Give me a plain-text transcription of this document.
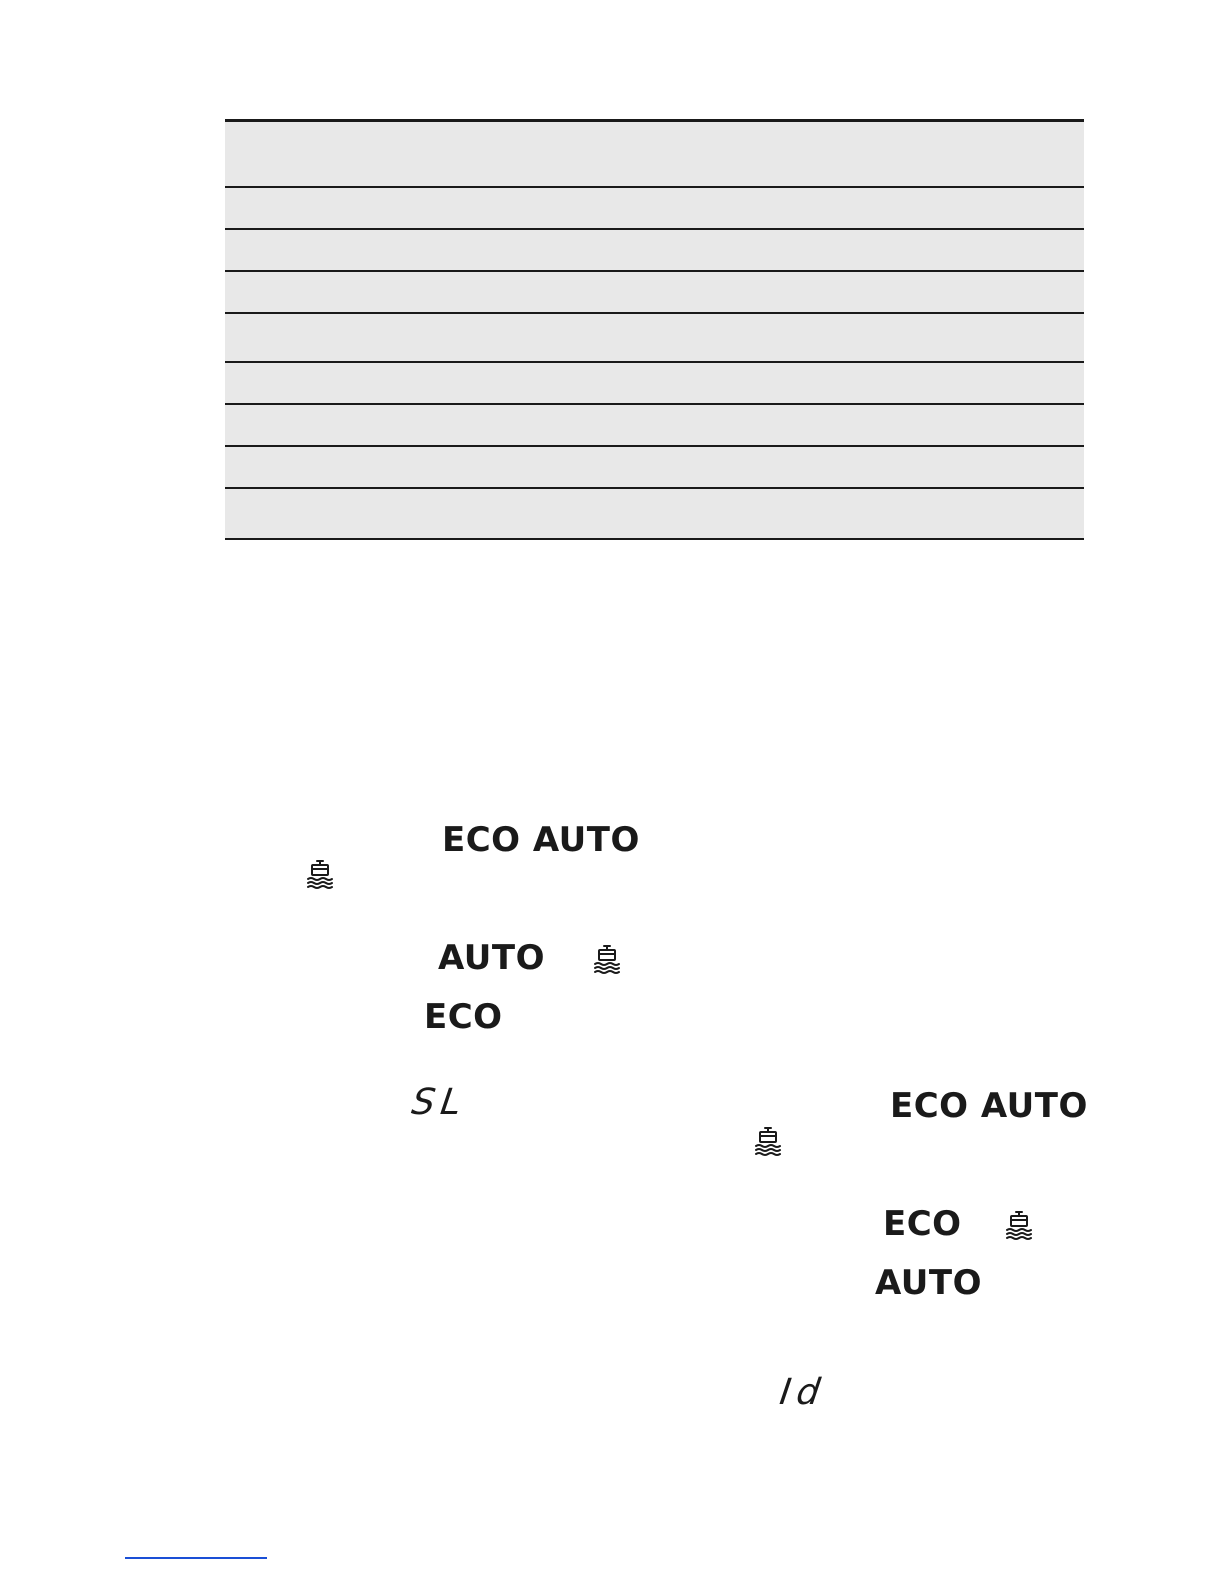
ECO AUTO
AUTO
ECO
SL	ECO AUTO
ECO
AUTO
Id
